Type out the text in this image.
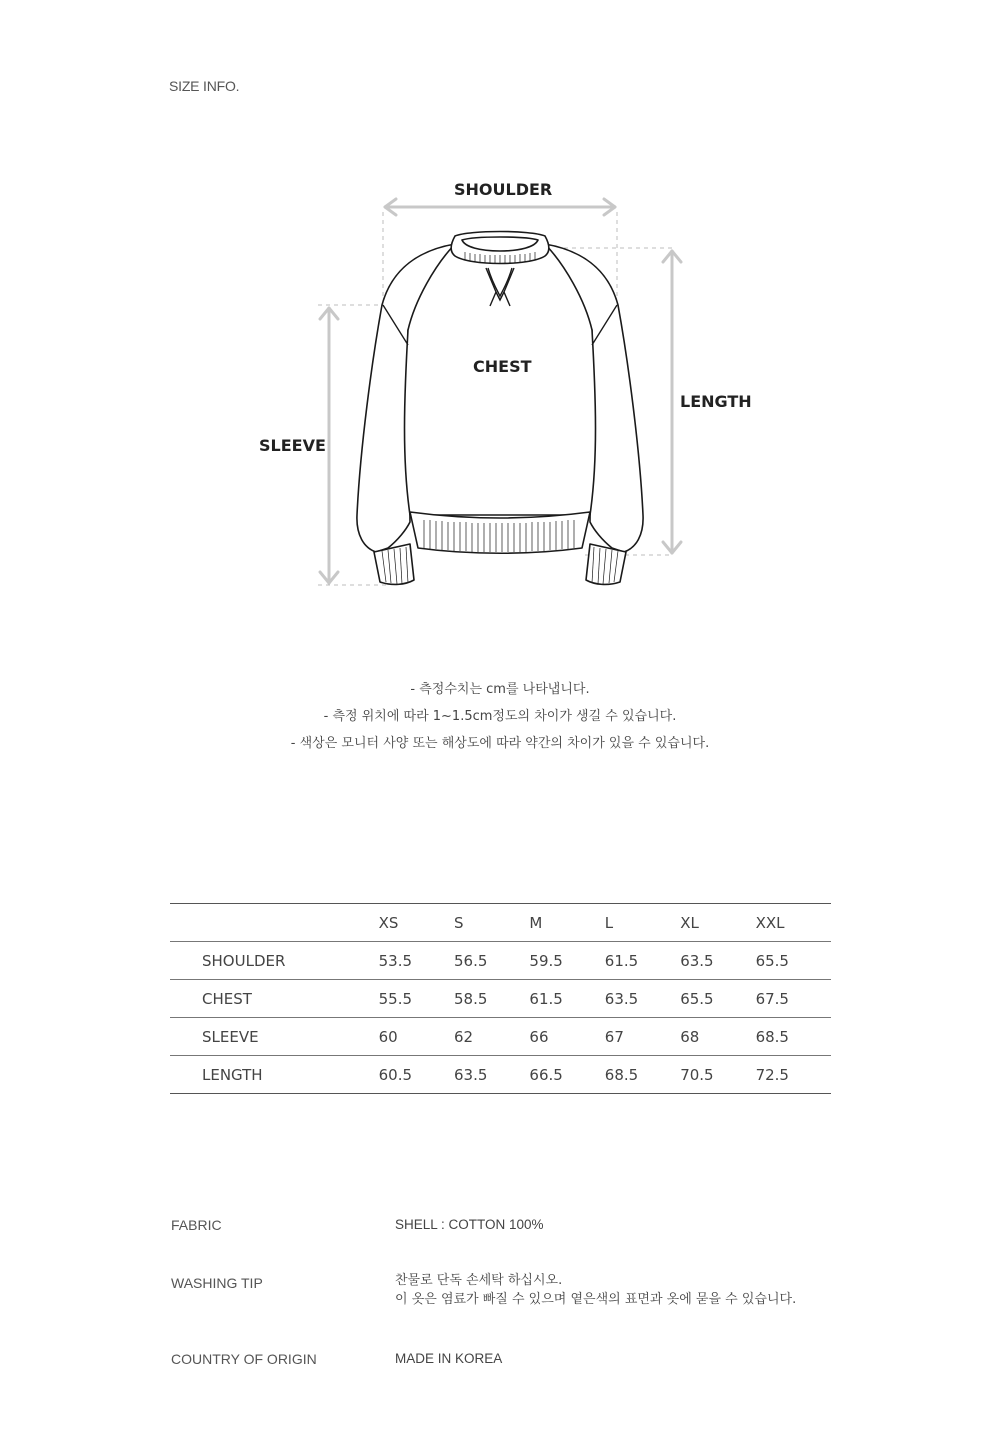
SIZE INFO.
SHOULDER
CHEST
LENGTH
SLEEVE
- 측정수치는 cm를 나타냅니다.
- 측정 위치에 따라 1~1.5cm정도의 차이가 생길 수 있습니다.
- 색상은 모니터 사양 또는 해상도에 따라 약간의 차이가 있을 수 있습니다.
	XS	S	M	L	XL	XXL
SHOULDER	53.5	56.5	59.5	61.5	63.5	65.5
CHEST	55.5	58.5	61.5	63.5	65.5	67.5
SLEEVE	60	62	66	67	68	68.5
LENGTH	60.5	63.5	66.5	68.5	70.5	72.5
FABRIC	SHELL : COTTON 100%
WASHING TIP	찬물로 단독 손세탁 하십시오.
이 옷은 염료가 빠질 수 있으며 옅은색의 표면과 옷에 묻을 수 있습니다.
COUNTRY OF ORIGIN	MADE IN KOREA
